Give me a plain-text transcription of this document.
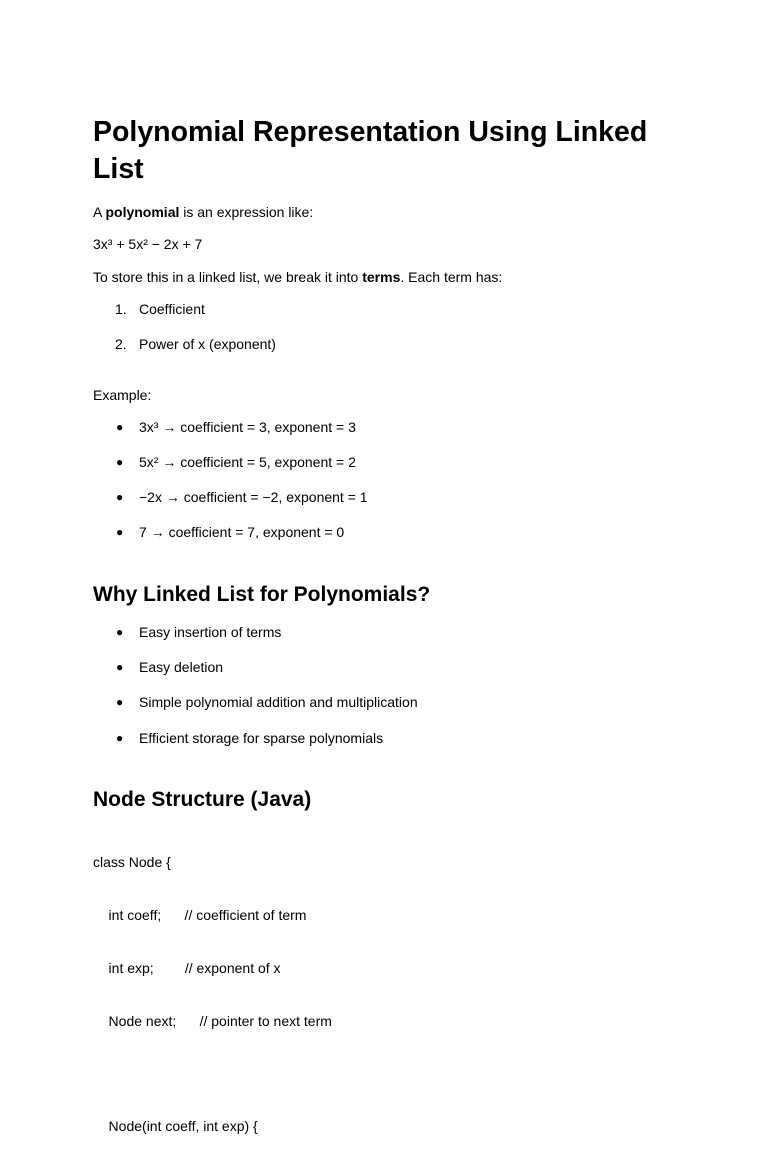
Polynomial Representation Using Linked List

A polynomial is an expression like:

3x³ + 5x² − 2x + 7

To store this in a linked list, we break it into terms. Each term has:

1. Coefficient
2. Power of x (exponent)

Example:

● 3x³ → coefficient = 3, exponent = 3
● 5x² → coefficient = 5, exponent = 2
● −2x → coefficient = −2, exponent = 1
● 7 → coefficient = 7, exponent = 0
Why Linked List for Polynomials?
● Easy insertion of terms
● Easy deletion
● Simple polynomial addition and multiplication
● Efficient storage for sparse polynomials
Node Structure (Java)

class Node {

int coeff;      // coefficient of term

int exp;        // exponent of x

Node next;      // pointer to next term

Node(int coeff, int exp) {
